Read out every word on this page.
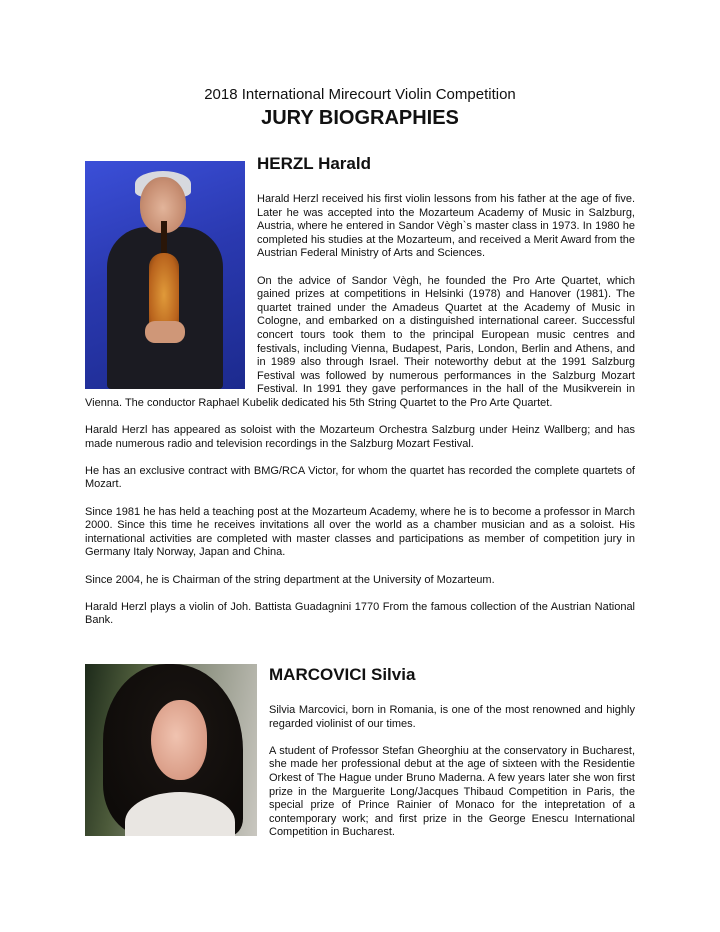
2018 International Mirecourt Violin Competition
JURY BIOGRAPHIES
HERZL Harald

Harald Herzl received his first violin lessons from his father at the age of five. Later he was accepted into the Mozarteum Academy of Music in Salzburg, Austria, where he entered in Sandor Vègh`s master class in 1973. In 1980 he completed his studies at the Mozarteum, and received a Merit Award from the Austrian Federal Ministry of Arts and Sciences.

On the advice of Sandor Vègh, he founded the Pro Arte Quartet, which gained prizes at competitions in Helsinki (1978) and Hanover (1981). The quartet trained under the Amadeus Quartet at the Academy of Music in Cologne, and embarked on a distinguished international career. Successful concert tours took them to the principal European music centres and festivals, including Vienna, Budapest, Paris, London, Berlin and Athens, and in 1989 also through Israel. Their noteworthy debut at the 1991 Salzburg Festival was followed by numerous performances in the Salzburg Mozart Festival. In 1991 they gave performances in the hall of the Musikverein in Vienna. The conductor Raphael Kubelik dedicated his 5th String Quartet to the Pro Arte Quartet.

Harald Herzl has appeared as soloist with the Mozarteum Orchestra Salzburg under Heinz Wallberg; and has made numerous radio and television recordings in the Salzburg Mozart Festival.

He has an exclusive contract with BMG/RCA Victor, for whom the quartet has recorded the complete quartets of Mozart.

Since 1981 he has held a teaching post at the Mozarteum Academy, where he is to become a professor in March 2000. Since this time he receives invitations all over the world as a chamber musician and as a soloist. His international activities are completed with master classes and participations as member of competition jury in Germany Italy Norway, Japan and China.

Since 2004, he is Chairman of the string department at the University of Mozarteum.

Harald Herzl plays a violin of Joh. Battista Guadagnini 1770 From the famous collection of the Austrian National Bank.

MARCOVICI Silvia

Silvia Marcovici, born in Romania, is one of the most renowned and highly regarded violinist of our times.

A student of Professor Stefan Gheorghiu at the conservatory in Bucharest, she made her professional debut at the age of sixteen with the Residentie Orkest of The Hague under Bruno Maderna. A few years later she won first prize in the Marguerite Long/Jacques Thibaud Competition in Paris, the special prize of Prince Rainier of Monaco for the intepretation of a contemporary work; and first prize in the George Enescu International Competition in Bucharest.
